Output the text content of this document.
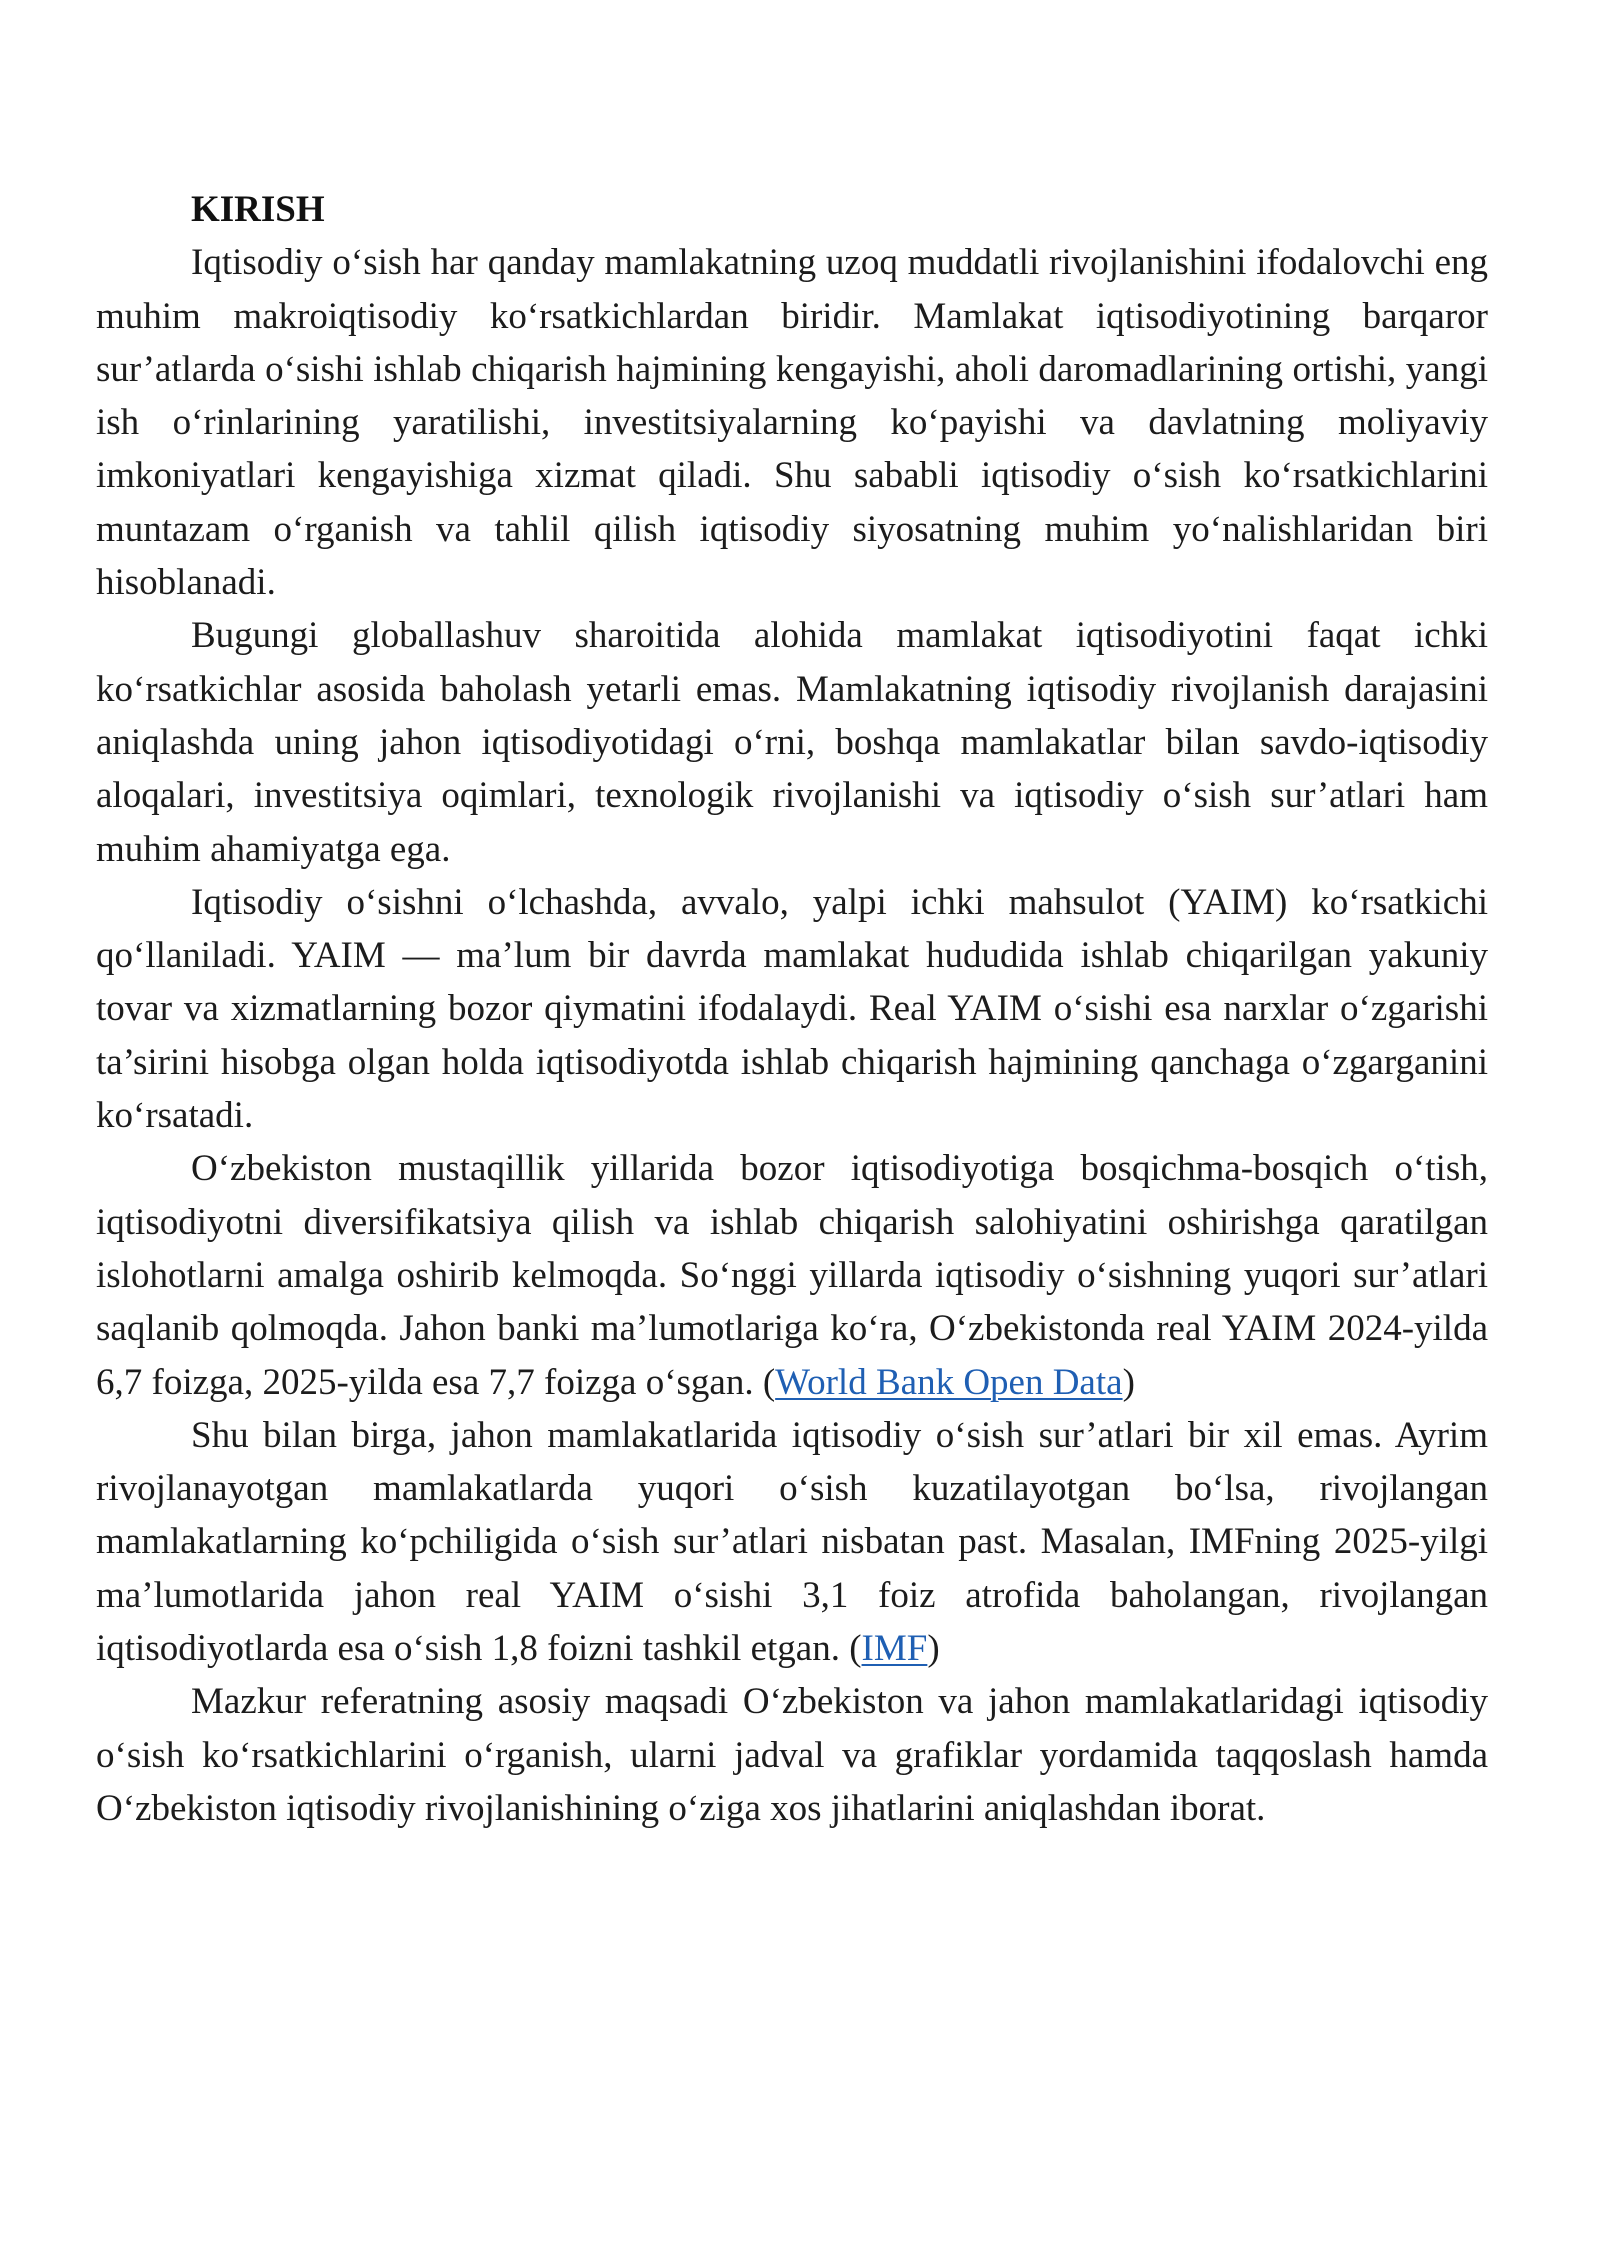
KIRISH

Iqtisodiy o‘sish har qanday mamlakatning uzoq muddatli rivojlanishini ifodalovchi eng muhim makroiqtisodiy ko‘rsatkichlardan biridir. Mamlakat iqtisodiyotining barqaror sur’atlarda o‘sishi ishlab chiqarish hajmining kengayishi, aholi daromadlarining ortishi, yangi ish o‘rinlarining yaratilishi, investitsiyalarning ko‘payishi va davlatning moliyaviy imkoniyatlari kengayishiga xizmat qiladi. Shu sababli iqtisodiy o‘sish ko‘rsatkichlarini muntazam o‘rganish va tahlil qilish iqtisodiy siyosatning muhim yo‘nalishlaridan biri hisoblanadi.

Bugungi globallashuv sharoitida alohida mamlakat iqtisodiyotini faqat ichki ko‘rsatkichlar asosida baholash yetarli emas. Mamlakatning iqtisodiy rivojlanish darajasini aniqlashda uning jahon iqtisodiyotidagi o‘rni, boshqa mamlakatlar bilan savdo-iqtisodiy aloqalari, investitsiya oqimlari, texnologik rivojlanishi va iqtisodiy o‘sish sur’atlari ham muhim ahamiyatga ega.

Iqtisodiy o‘sishni o‘lchashda, avvalo, yalpi ichki mahsulot (YAIM) ko‘rsatkichi qo‘llaniladi. YAIM — ma’lum bir davrda mamlakat hududida ishlab chiqarilgan yakuniy tovar va xizmatlarning bozor qiymatini ifodalaydi. Real YAIM o‘sishi esa narxlar o‘zgarishi ta’sirini hisobga olgan holda iqtisodiyotda ishlab chiqarish hajmining qanchaga o‘zgarganini ko‘rsatadi.

O‘zbekiston mustaqillik yillarida bozor iqtisodiyotiga bosqichma-bosqich o‘tish, iqtisodiyotni diversifikatsiya qilish va ishlab chiqarish salohiyatini oshirishga qaratilgan islohotlarni amalga oshirib kelmoqda. So‘nggi yillarda iqtisodiy o‘sishning yuqori sur’atlari saqlanib qolmoqda. Jahon banki ma’lumotlariga ko‘ra, O‘zbekistonda real YAIM 2024-yilda 6,7 foizga, 2025-yilda esa 7,7 foizga o‘sgan. (World Bank Open Data)

Shu bilan birga, jahon mamlakatlarida iqtisodiy o‘sish sur’atlari bir xil emas. Ayrim rivojlanayotgan mamlakatlarda yuqori o‘sish kuzatilayotgan bo‘lsa, rivojlangan mamlakatlarning ko‘pchiligida o‘sish sur’atlari nisbatan past. Masalan, IMFning 2025-yilgi ma’lumotlarida jahon real YAIM o‘sishi 3,1 foiz atrofida baholangan, rivojlangan iqtisodiyotlarda esa o‘sish 1,8 foizni tashkil etgan. (IMF)

Mazkur referatning asosiy maqsadi O‘zbekiston va jahon mamlakatlaridagi iqtisodiy o‘sish ko‘rsatkichlarini o‘rganish, ularni jadval va grafiklar yordamida taqqoslash hamda O‘zbekiston iqtisodiy rivojlanishining o‘ziga xos jihatlarini aniqlashdan iborat.
